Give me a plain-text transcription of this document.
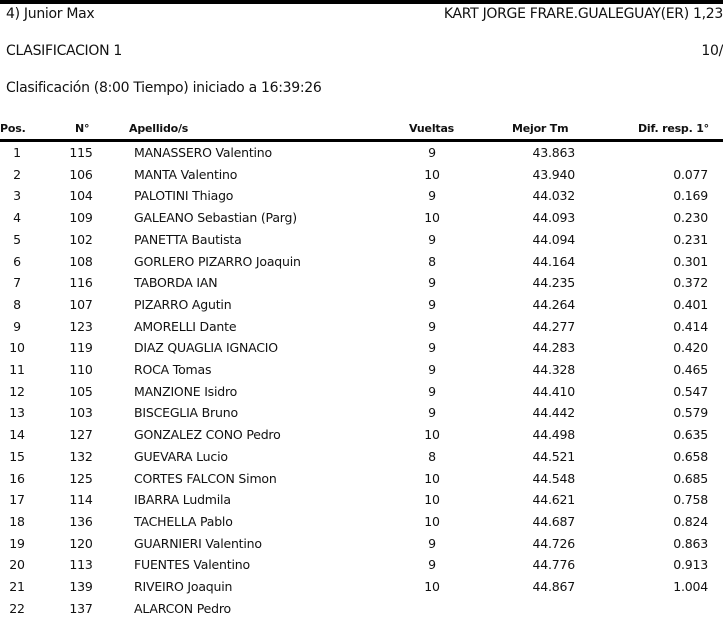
4) Junior Max	KART JORGE FRARE.GUALEGUAY(ER) 1,23
CLASIFICACION 1	10/
Clasificación (8:00 Tiempo) iniciado a 16:39:26
Pos.	N°	Apellido/s	Vueltas	Mejor Tm	Dif. resp. 1°
1	115	MANASSERO Valentino	9	43.863
2	106	MANTA Valentino	10	43.940	0.077
3	104	PALOTINI Thiago	9	44.032	0.169
4	109	GALEANO Sebastian (Parg)	10	44.093	0.230
5	102	PANETTA Bautista	9	44.094	0.231
6	108	GORLERO PIZARRO Joaquin	8	44.164	0.301
7	116	TABORDA IAN	9	44.235	0.372
8	107	PIZARRO Agutin	9	44.264	0.401
9	123	AMORELLI Dante	9	44.277	0.414
10	119	DIAZ QUAGLIA IGNACIO	9	44.283	0.420
11	110	ROCA Tomas	9	44.328	0.465
12	105	MANZIONE Isidro	9	44.410	0.547
13	103	BISCEGLIA Bruno	9	44.442	0.579
14	127	GONZALEZ CONO Pedro	10	44.498	0.635
15	132	GUEVARA Lucio	8	44.521	0.658
16	125	CORTES FALCON Simon	10	44.548	0.685
17	114	IBARRA Ludmila	10	44.621	0.758
18	136	TACHELLA Pablo	10	44.687	0.824
19	120	GUARNIERI Valentino	9	44.726	0.863
20	113	FUENTES Valentino	9	44.776	0.913
21	139	RIVEIRO Joaquin	10	44.867	1.004
22	137	ALARCON Pedro
